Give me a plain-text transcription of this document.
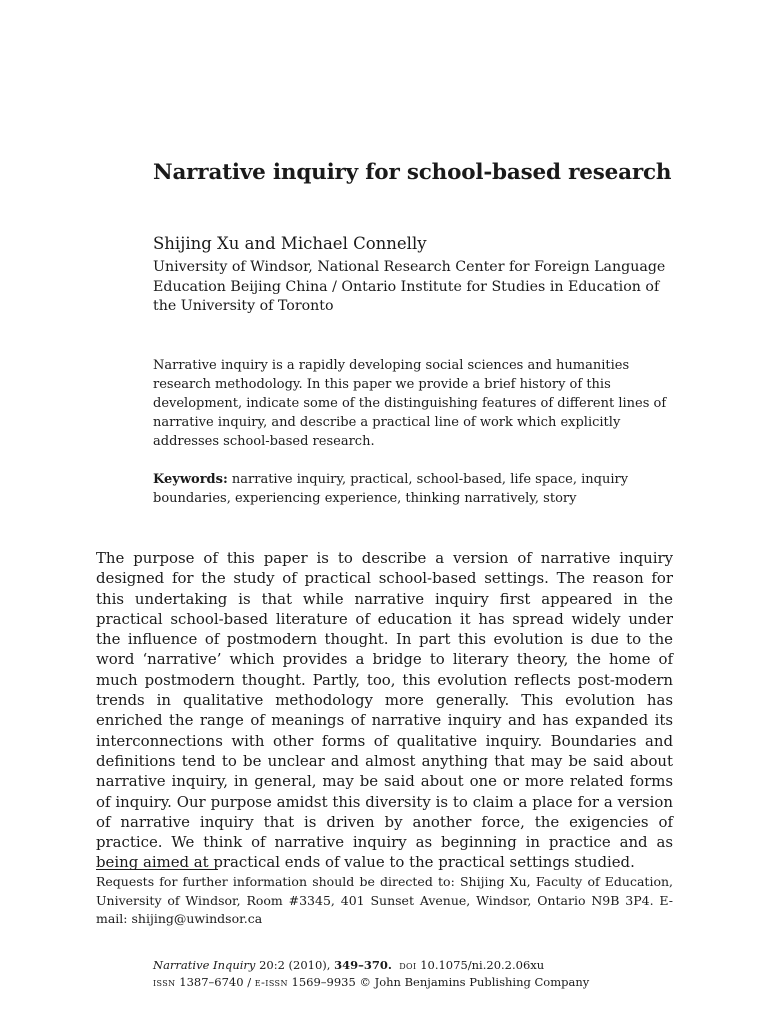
Narrative inquiry for school-based research

Shijing Xu and Michael Connelly

University of Windsor, National Research Center for Foreign Language Education Beijing China / Ontario Institute for Studies in Education of the University of Toronto

Narrative inquiry is a rapidly developing social sciences and humanities research methodology. In this paper we provide a brief history of this development, indicate some of the distinguishing features of different lines of narrative inquiry, and describe a practical line of work which explicitly addresses school-based research.

Keywords: narrative inquiry, practical, school-based, life space, inquiry boundaries, experiencing experience, thinking narratively, story

The purpose of this paper is to describe a version of narrative inquiry designed for the study of practical school-based settings. The reason for this undertaking is that while narrative inquiry first appeared in the practical school-based literature of education it has spread widely under the influence of postmodern thought. In part this evolution is due to the word ‘narrative’ which provides a bridge to literary theory, the home of much postmodern thought. Partly, too, this evolution reflects post-modern trends in qualitative methodology more generally. This evolution has enriched the range of meanings of narrative inquiry and has expanded its interconnections with other forms of qualitative inquiry. Boundaries and definitions tend to be unclear and almost anything that may be said about narrative inquiry, in general, may be said about one or more related forms of inquiry. Our purpose amidst this diversity is to claim a place for a version of narrative inquiry that is driven by another force, the exigencies of practice. We think of narrative inquiry as beginning in practice and as being aimed at practical ends of value to the practical settings studied.

Requests for further information should be directed to: Shijing Xu, Faculty of Education, University of Windsor, Room #3345, 401 Sunset Avenue, Windsor, Ontario N9B 3P4. E-mail: shijing@uwindsor.ca

Narrative Inquiry 20:2 (2010), 349–370. doi 10.1075/ni.20.2.06xu
issn 1387–6740 / e-issn 1569–9935 © John Benjamins Publishing Company
